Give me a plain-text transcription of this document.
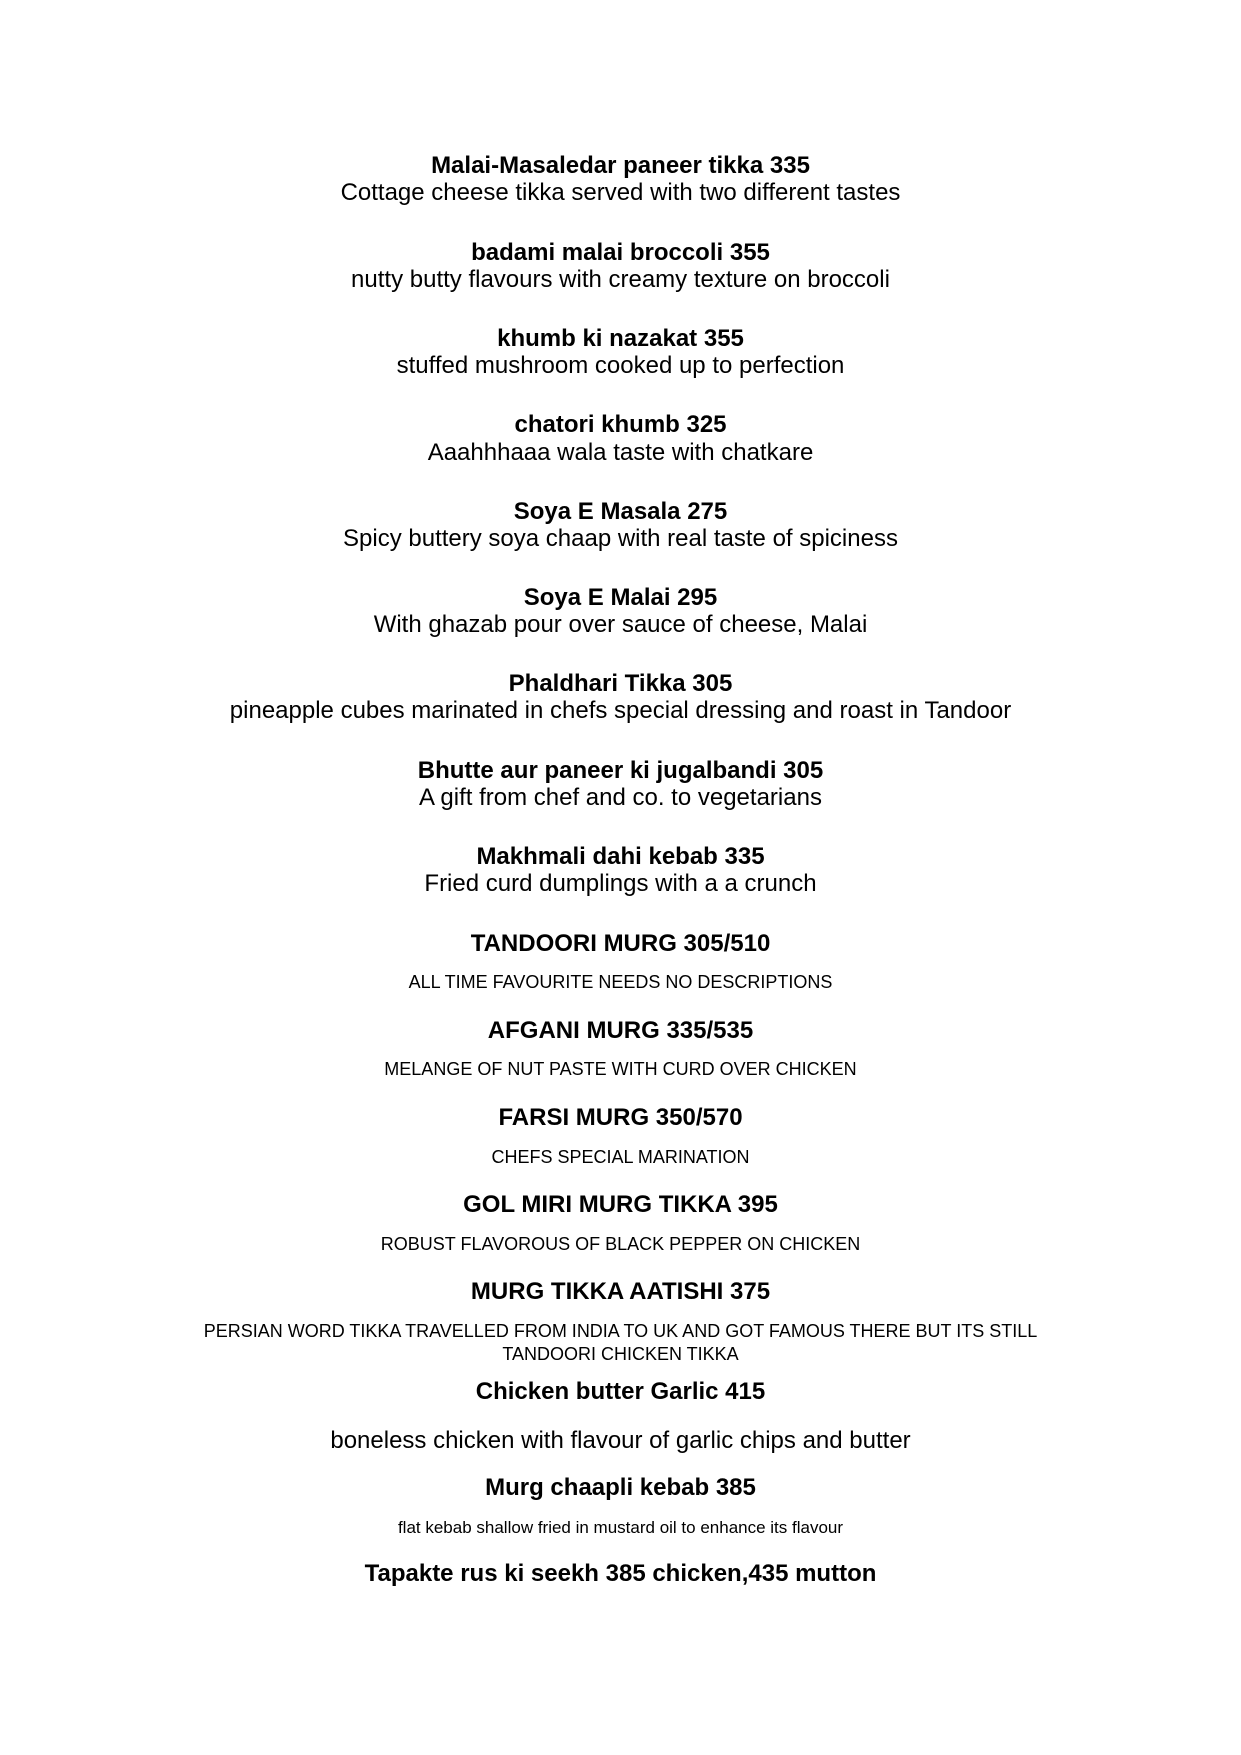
Malai-Masaledar paneer tikka 335
Cottage cheese tikka served with two different tastes
badami malai broccoli 355
nutty butty flavours with creamy texture on broccoli
khumb ki nazakat 355
stuffed mushroom cooked up to perfection
chatori khumb 325
Aaahhhaaa wala taste with chatkare
Soya E Masala 275
Spicy buttery soya chaap with real taste of spiciness
Soya E Malai 295
With ghazab pour over sauce of cheese, Malai
Phaldhari Tikka 305
pineapple cubes marinated in chefs special dressing and roast in Tandoor
Bhutte aur paneer ki jugalbandi 305
A gift from chef and co. to vegetarians
Makhmali dahi kebab 335
Fried curd dumplings with a a crunch
TANDOORI MURG 305/510
ALL TIME FAVOURITE NEEDS NO DESCRIPTIONS
AFGANI MURG 335/535
MELANGE OF NUT PASTE WITH CURD OVER CHICKEN
FARSI MURG 350/570
CHEFS SPECIAL MARINATION
GOL MIRI MURG TIKKA 395
ROBUST FLAVOROUS OF BLACK PEPPER ON CHICKEN
MURG TIKKA AATISHI 375
PERSIAN WORD TIKKA TRAVELLED FROM INDIA TO UK AND GOT FAMOUS THERE BUT ITS STILL
TANDOORI CHICKEN TIKKA
Chicken butter Garlic 415
boneless chicken with flavour of garlic chips and butter
Murg chaapli kebab 385
flat kebab shallow fried in mustard oil to enhance its flavour
Tapakte rus ki seekh 385 chicken,435 mutton
